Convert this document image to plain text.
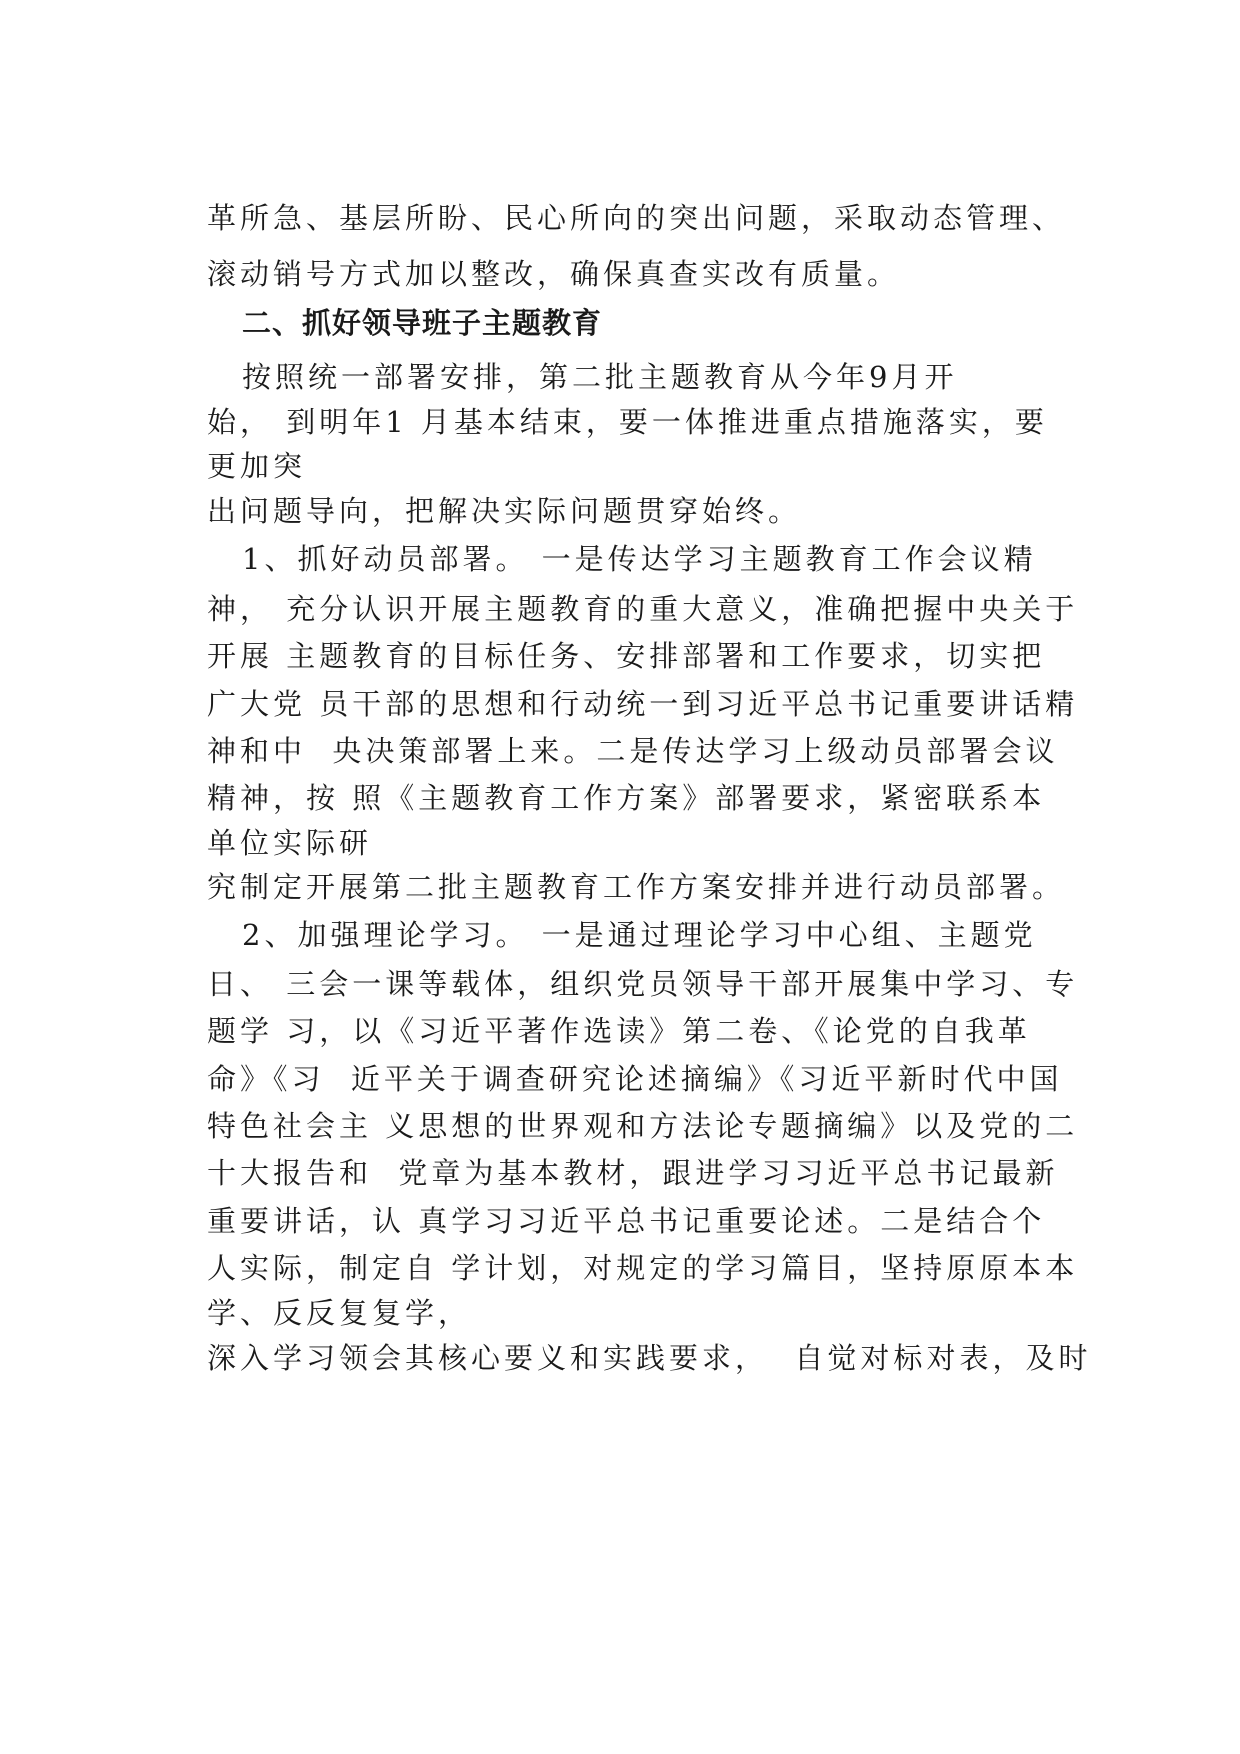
革所急、基层所盼、民心所向的突出问题，采取动态管理、

滚动销号方式加以整改，确保真查实改有质量。

二、抓好领导班子主题教育

按照统一部署安排，第二批主题教育从今年9月开

始， 到明年1 月基本结束，要一体推进重点措施落实，要

更加突

出问题导向，把解决实际问题贯穿始终。

1、抓好动员部署。 一是传达学习主题教育工作会议精

神， 充分认识开展主题教育的重大意义，准确把握中央关于

开展 主题教育的目标任务、安排部署和工作要求，切实把

广大党 员干部的思想和行动统一到习近平总书记重要讲话精

神和中  央决策部署上来。二是传达学习上级动员部署会议

精神，按 照《主题教育工作方案》部署要求，紧密联系本

单位实际研

究制定开展第二批主题教育工作方案安排并进行动员部署。

2、加强理论学习。 一是通过理论学习中心组、主题党

日、 三会一课等载体，组织党员领导干部开展集中学习、专

题学 习，以《习近平著作选读》第二卷、《论党的自我革

命》《习  近平关于调查研究论述摘编》《习近平新时代中国

特色社会主 义思想的世界观和方法论专题摘编》以及党的二

十大报告和  党章为基本教材，跟进学习习近平总书记最新

重要讲话，认 真学习习近平总书记重要论述。二是结合个

人实际，制定自 学计划，对规定的学习篇目，坚持原原本本

学、反反复复学，

深入学习领会其核心要义和实践要求，  自觉对标对表，及时
